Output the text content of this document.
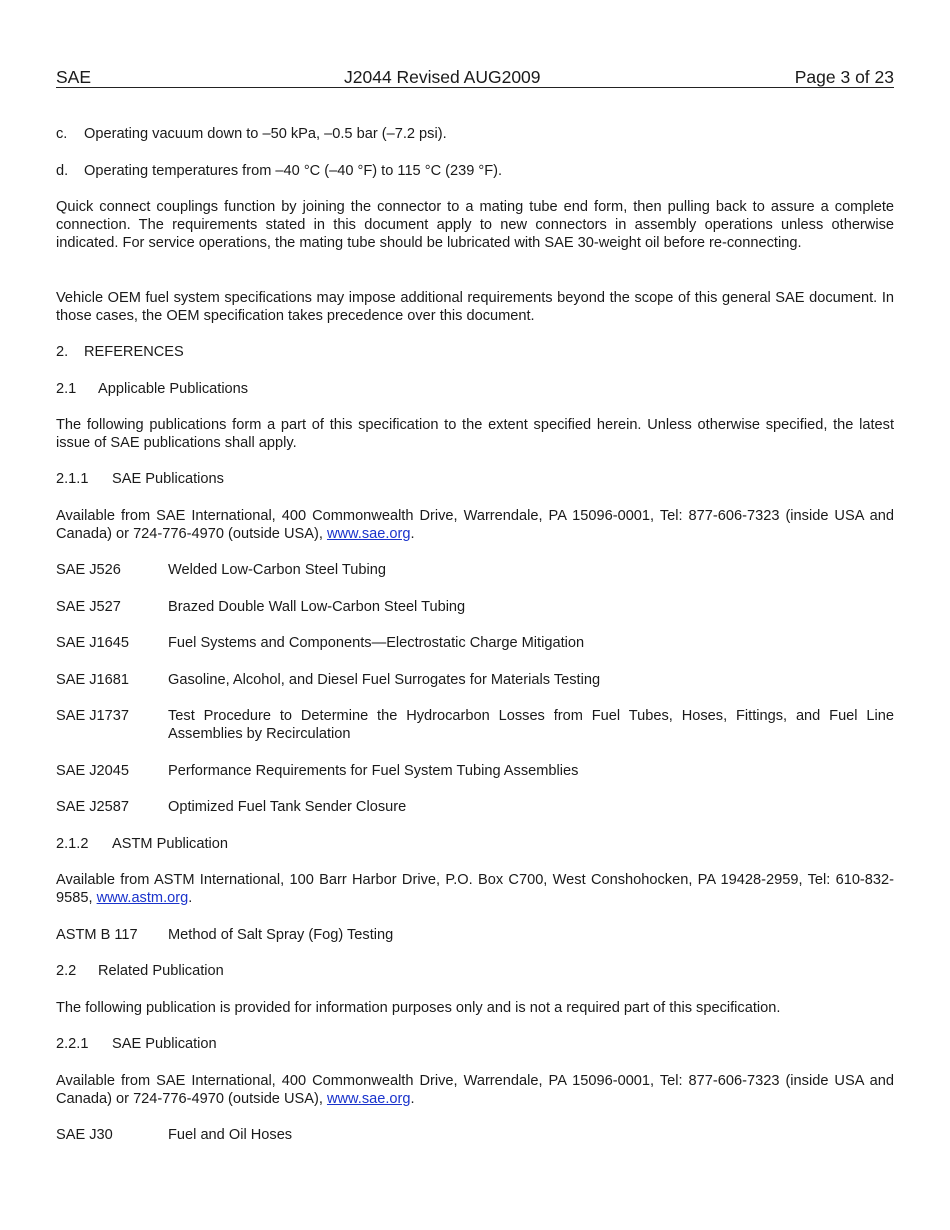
SAE	J2044 Revised AUG2009	Page 3 of 23
c. Operating vacuum down to –50 kPa, –0.5 bar (–7.2 psi).
d. Operating temperatures from –40 °C (–40 °F) to 115 °C (239 °F).
Quick connect couplings function by joining the connector to a mating tube end form, then pulling back to assure a complete connection. The requirements stated in this document apply to new connectors in assembly operations unless otherwise indicated. For service operations, the mating tube should be lubricated with SAE 30-weight oil before re-connecting.
Vehicle OEM fuel system specifications may impose additional requirements beyond the scope of this general SAE document. In those cases, the OEM specification takes precedence over this document.
2. REFERENCES
2.1 Applicable Publications
The following publications form a part of this specification to the extent specified herein. Unless otherwise specified, the latest issue of SAE publications shall apply.
2.1.1 SAE Publications
Available from SAE International, 400 Commonwealth Drive, Warrendale, PA 15096-0001, Tel: 877-606-7323 (inside USA and Canada) or 724-776-4970 (outside USA), www.sae.org.
SAE J526	Welded Low-Carbon Steel Tubing
SAE J527	Brazed Double Wall Low-Carbon Steel Tubing
SAE J1645	Fuel Systems and Components—Electrostatic Charge Mitigation
SAE J1681	Gasoline, Alcohol, and Diesel Fuel Surrogates for Materials Testing
SAE J1737	Test Procedure to Determine the Hydrocarbon Losses from Fuel Tubes, Hoses, Fittings, and Fuel Line Assemblies by Recirculation
SAE J2045	Performance Requirements for Fuel System Tubing Assemblies
SAE J2587	Optimized Fuel Tank Sender Closure
2.1.2 ASTM Publication
Available from ASTM International, 100 Barr Harbor Drive, P.O. Box C700, West Conshohocken, PA 19428-2959, Tel: 610-832-9585, www.astm.org.
ASTM B 117 Method of Salt Spray (Fog) Testing
2.2 Related Publication
The following publication is provided for information purposes only and is not a required part of this specification.
2.2.1 SAE Publication
Available from SAE International, 400 Commonwealth Drive, Warrendale, PA 15096-0001, Tel: 877-606-7323 (inside USA and Canada) or 724-776-4970 (outside USA), www.sae.org.
SAE J30	Fuel and Oil Hoses
